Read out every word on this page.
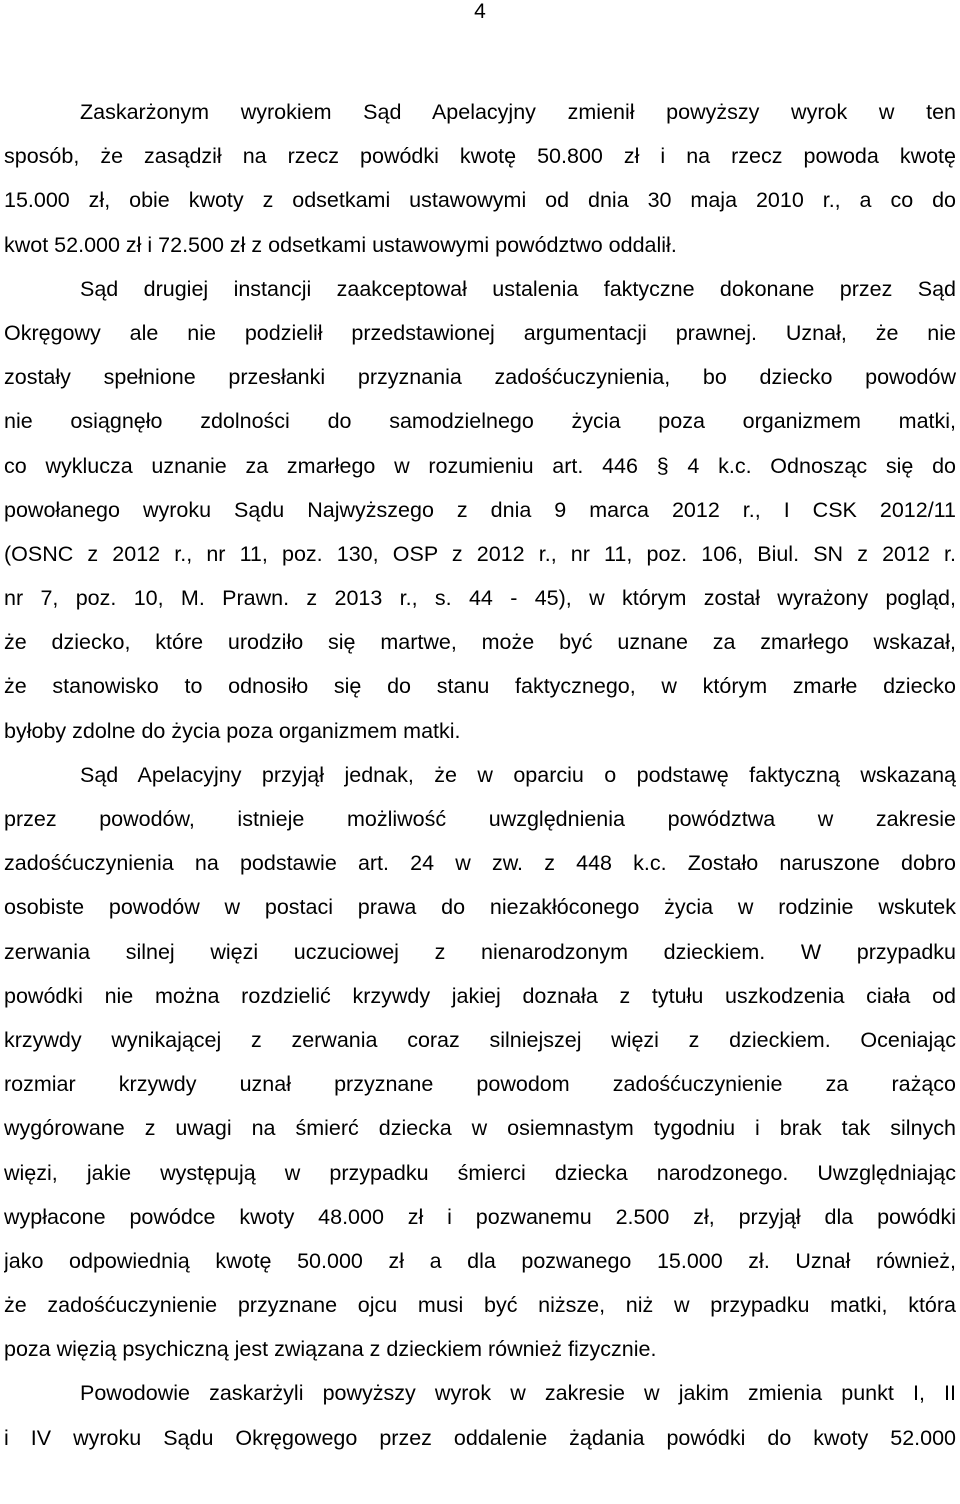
4
Zaskarżonym wyrokiem Sąd Apelacyjny zmienił powyższy wyrok w ten
sposób, że zasądził na rzecz powódki kwotę 50.800 zł i na rzecz powoda kwotę
15.000 zł, obie kwoty z odsetkami ustawowymi od dnia 30 maja 2010 r., a co do
kwot 52.000 zł i 72.500 zł z odsetkami ustawowymi powództwo oddalił.
Sąd drugiej instancji zaakceptował ustalenia faktyczne dokonane przez Sąd
Okręgowy ale nie podzielił przedstawionej argumentacji prawnej. Uznał, że nie
zostały spełnione przesłanki przyznania zadośćuczynienia, bo dziecko powodów
nie osiągnęło zdolności do samodzielnego życia poza organizmem matki,
co wyklucza uznanie za zmarłego w rozumieniu art. 446 § 4 k.c. Odnosząc się do
powołanego wyroku Sądu Najwyższego z dnia 9 marca 2012 r., I CSK 2012/11
(OSNC z 2012 r., nr 11, poz. 130, OSP z 2012 r., nr 11, poz. 106, Biul. SN z 2012 r.
nr 7, poz. 10, M. Prawn. z 2013 r., s. 44 - 45), w którym został wyrażony pogląd,
że dziecko, które urodziło się martwe, może być uznane za zmarłego wskazał,
że stanowisko to odnosiło się do stanu faktycznego, w którym zmarłe dziecko
byłoby zdolne do życia poza organizmem matki.
Sąd Apelacyjny przyjął jednak, że w oparciu o podstawę faktyczną wskazaną
przez powodów, istnieje możliwość uwzględnienia powództwa w zakresie
zadośćuczynienia na podstawie art. 24 w zw. z 448 k.c. Zostało naruszone dobro
osobiste powodów w postaci prawa do niezakłóconego życia w rodzinie wskutek
zerwania silnej więzi uczuciowej z nienarodzonym dzieckiem. W przypadku
powódki nie można rozdzielić krzywdy jakiej doznała z tytułu uszkodzenia ciała od
krzywdy wynikającej z zerwania coraz silniejszej więzi z dzieckiem. Oceniając
rozmiar krzywdy uznał przyznane powodom zadośćuczynienie za rażąco
wygórowane z uwagi na śmierć dziecka w osiemnastym tygodniu i brak tak silnych
więzi, jakie występują w przypadku śmierci dziecka narodzonego. Uwzględniając
wypłacone powódce kwoty 48.000 zł i pozwanemu 2.500 zł, przyjął dla powódki
jako odpowiednią kwotę 50.000 zł a dla pozwanego 15.000 zł. Uznał również,
że zadośćuczynienie przyznane ojcu musi być niższe, niż w przypadku matki, która
poza więzią psychiczną jest związana z dzieckiem również fizycznie.
Powodowie zaskarżyli powyższy wyrok w zakresie w jakim zmienia punkt I, II
i IV wyroku Sądu Okręgowego przez oddalenie żądania powódki do kwoty 52.000
